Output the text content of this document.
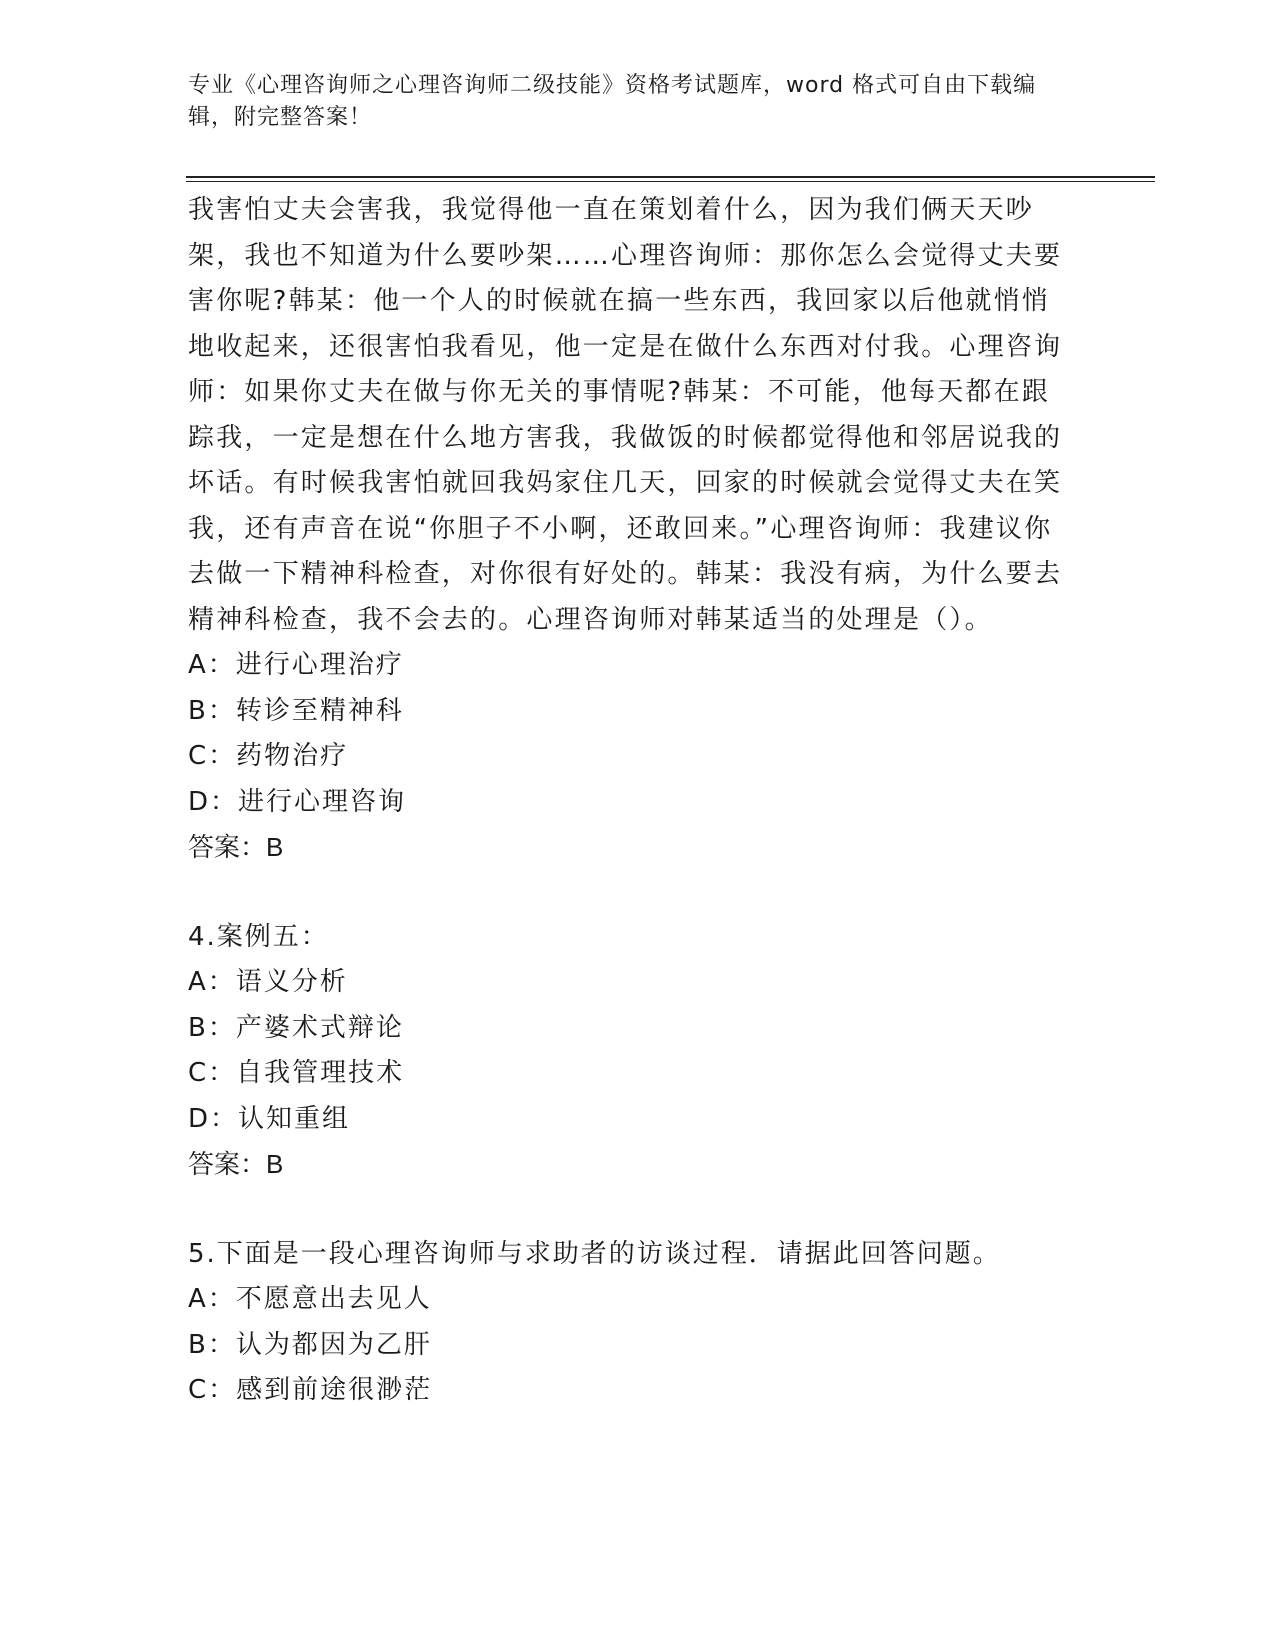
专业《心理咨询师之心理咨询师二级技能》资格考试题库，word 格式可自由下载编辑，附完整答案！

我害怕丈夫会害我，我觉得他一直在策划着什么，因为我们俩天天吵架，我也不知道为什么要吵架……心理咨询师：那你怎么会觉得丈夫要害你呢?韩某：他一个人的时候就在搞一些东西，我回家以后他就悄悄地收起来，还很害怕我看见，他一定是在做什么东西对付我。心理咨询师：如果你丈夫在做与你无关的事情呢?韩某：不可能，他每天都在跟踪我，一定是想在什么地方害我，我做饭的时候都觉得他和邻居说我的坏话。有时候我害怕就回我妈家住几天，回家的时候就会觉得丈夫在笑我，还有声音在说“你胆子不小啊，还敢回来。”心理咨询师：我建议你去做一下精神科检查，对你很有好处的。韩某：我没有病，为什么要去精神科检查，我不会去的。心理咨询师对韩某适当的处理是（）。

A：进行心理治疗

B：转诊至精神科

C：药物治疗

D：进行心理咨询

答案：B

4.案例五：

A：语义分析

B：产婆术式辩论

C：自我管理技术

D：认知重组

答案：B

5.下面是一段心理咨询师与求助者的访谈过程．请据此回答问题。

A：不愿意出去见人

B：认为都因为乙肝

C：感到前途很渺茫
